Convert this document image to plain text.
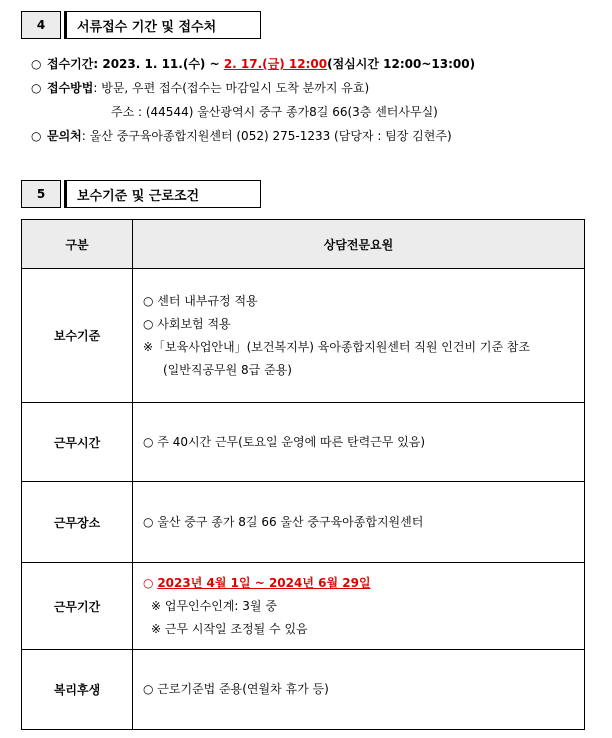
4	서류접수 기간 및 접수처
○ 접수기간: 2023. 1. 11.(수) ~ 2. 17.(금) 12:00(점심시간 12:00~13:00)
○ 접수방법: 방문, 우편 접수(접수는 마감일시 도착 분까지 유효)
주소 : (44544) 울산광역시 중구 종가8길 66(3층 센터사무실)
○ 문의처: 울산 중구육아종합지원센터 (052) 275-1233 (담당자 : 팀장 김현주)
5	보수기준 및 근로조건
구분	상담전문요원
보수기준	○ 센터 내부규정 적용
○ 사회보험 적용
※「보육사업안내」(보건복지부) 육아종합지원센터 직원 인건비 기준 참조
(일반직공무원 8급 준용)

근무시간	○ 주 40시간 근무(토요일 운영에 따른 탄력근무 있음)

근무장소	○ 울산 중구 종가 8길 66 울산 중구육아종합지원센터

근무기간	○ 2023년 4월 1일 ~ 2024년 6월 29일
※ 업무인수인계: 3월 중
※ 근무 시작일 조정될 수 있음

복리후생	○ 근로기준법 준용(연월차 휴가 등)
